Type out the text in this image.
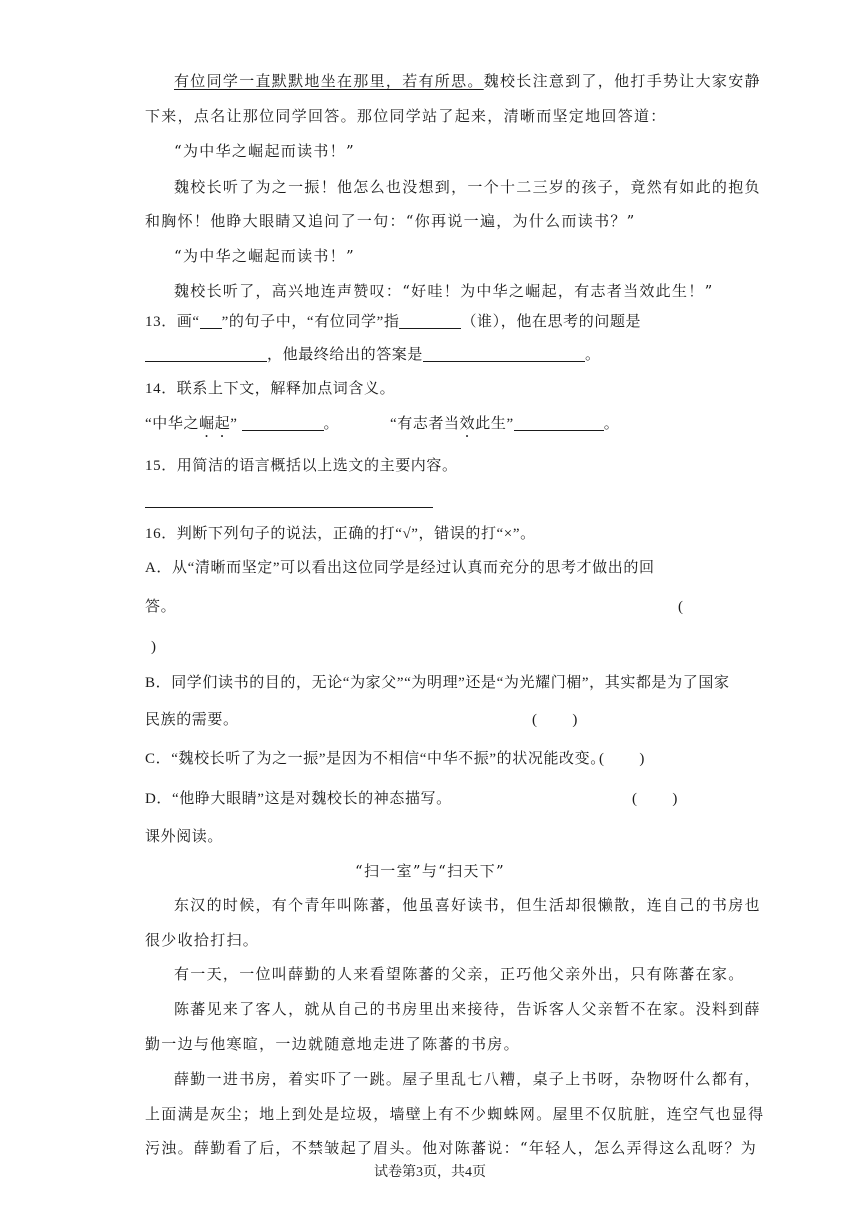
有位同学一直默默地坐在那里，若有所思。魏校长注意到了，他打手势让大家安静
下来，点名让那位同学回答。那位同学站了起来，清晰而坚定地回答道：
“为中华之崛起而读书！”
魏校长听了为之一振！他怎么也没想到，一个十二三岁的孩子，竟然有如此的抱负
和胸怀！他睁大眼睛又追问了一句：“你再说一遍，为什么而读书？”
“为中华之崛起而读书！”
魏校长听了，高兴地连声赞叹：“好哇！为中华之崛起，有志者当效此生！”
13．画“ ”的句子中，“有位同学”指	（谁），他在思考的问题是
，他最终给出的答案是	。
14．联系上下文，解释加点词含义。
“中华之崛起”	。	“有志者当效此生”	。
15．用简洁的语言概括以上选文的主要内容。
16．判断下列句子的说法，正确的打“√”，错误的打“×”。
A．从“清晰而坚定”可以看出这位同学是经过认真而充分的思考才做出的回
答。	(
)
B．同学们读书的目的，无论“为家父”“为明理”还是“为光耀门楣”，其实都是为了国家
民族的需要。	(        )
C．“魏校长听了为之一振”是因为不相信“中华不振”的状况能改变。
(        )
D．“他睁大眼睛”这是对魏校长的神态描写。	(        )
课外阅读。
“扫一室”与“扫天下”
东汉的时候，有个青年叫陈蕃，他虽喜好读书，但生活却很懒散，连自己的书房也
很少收拾打扫。
有一天，一位叫薛勤的人来看望陈蕃的父亲，正巧他父亲外出，只有陈蕃在家。
陈蕃见来了客人，就从自己的书房里出来接待，告诉客人父亲暂不在家。没料到薛
勤一边与他寒暄，一边就随意地走进了陈蕃的书房。
薛勤一进书房，着实吓了一跳。屋子里乱七八糟，桌子上书呀，杂物呀什么都有，
上面满是灰尘；地上到处是垃圾，墙壁上有不少蜘蛛网。屋里不仅肮脏，连空气也显得
污浊。薛勤看了后，不禁皱起了眉头。他对陈蕃说：“年轻人，怎么弄得这么乱呀？为
试卷第3页，共4页
